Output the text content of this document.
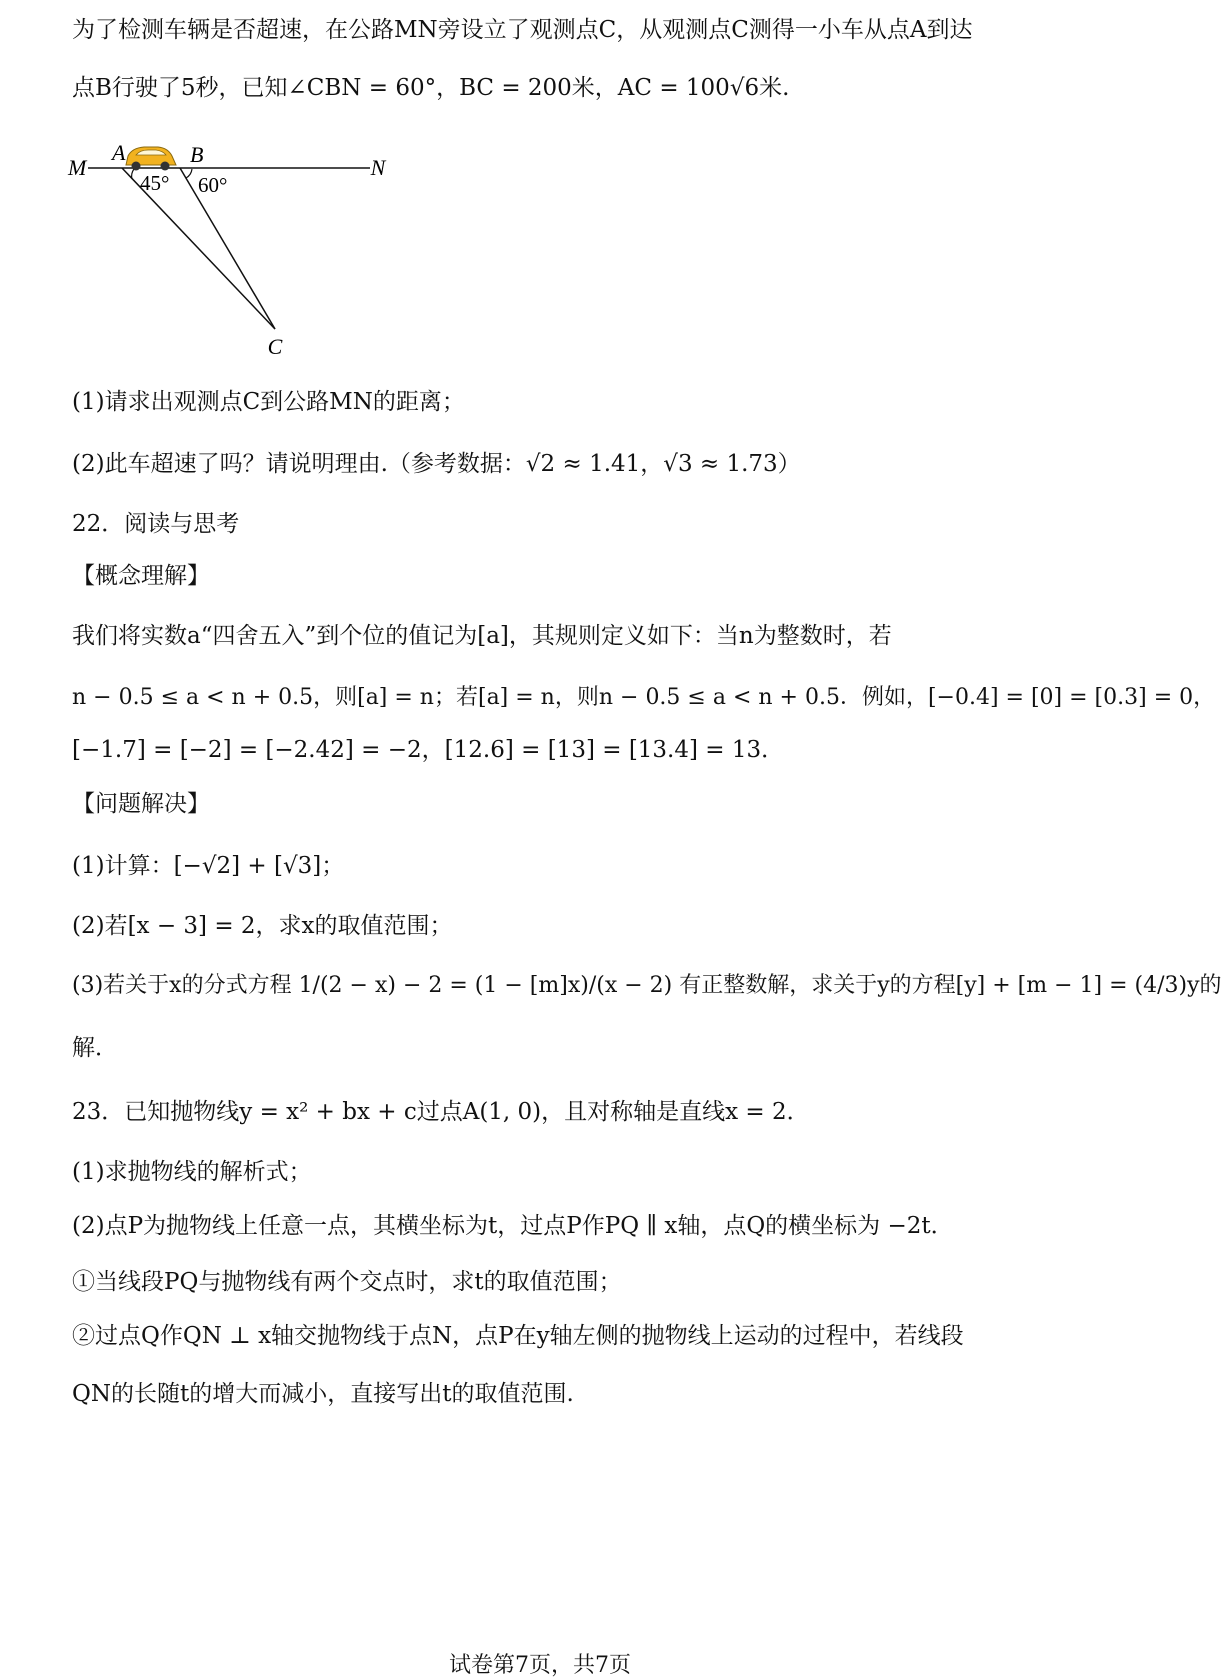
为了检测车辆是否超速，在公路MN旁设立了观测点C，从观测点C测得一小车从点A到达
点B行驶了5秒，已知∠CBN = 60°，BC = 200米，AC = 100√6米.
M
A	B
N
45° 60°
C
(1)请求出观测点C到公路MN的距离；
(2)此车超速了吗？请说明理由.（参考数据：√2 ≈ 1.41，√3 ≈ 1.73）
22．阅读与思考
【概念理解】
我们将实数a“四舍五入”到个位的值记为[a]，其规则定义如下：当n为整数时，若
n − 0.5 ≤ a < n + 0.5，则[a] = n；若[a] = n，则n − 0.5 ≤ a < n + 0.5．例如，[−0.4] = [0] = [0.3] = 0，
[−1.7] = [−2] = [−2.42] = −2，[12.6] = [13] = [13.4] = 13．
【问题解决】
(1)计算：[−√2] + [√3]；
(2)若[x − 3] = 2，求x的取值范围；
(3)若关于x的分式方程 1/(2 − x) − 2 = (1 − [m]x)/(x − 2) 有正整数解，求关于y的方程[y] + [m − 1] = (4/3)y的
解．
23．已知抛物线y = x² + bx + c过点A(1, 0)，且对称轴是直线x = 2．
(1)求抛物线的解析式；
(2)点P为抛物线上任意一点，其横坐标为t，过点P作PQ ∥ x轴，点Q的横坐标为 −2t．
①当线段PQ与抛物线有两个交点时，求t的取值范围；
②过点Q作QN ⊥ x轴交抛物线于点N，点P在y轴左侧的抛物线上运动的过程中，若线段
QN的长随t的增大而减小，直接写出t的取值范围.
试卷第7页，共7页
